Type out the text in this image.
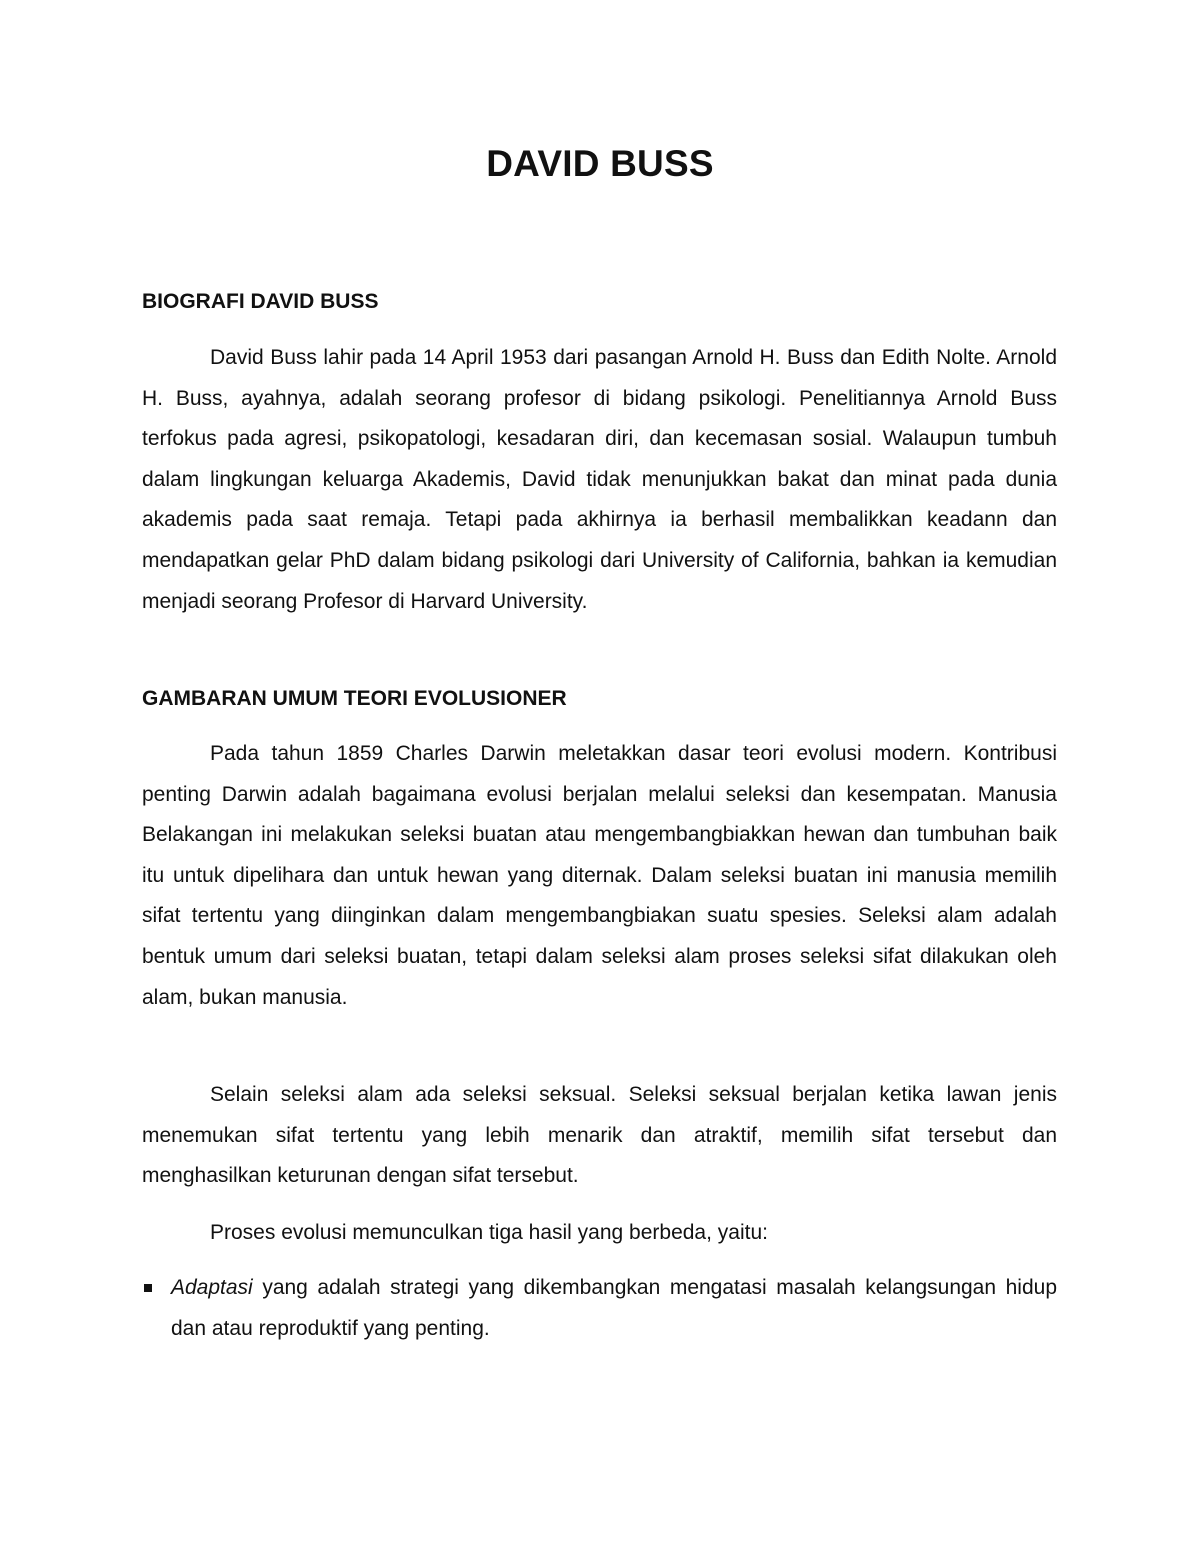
DAVID BUSS
BIOGRAFI DAVID BUSS

David Buss lahir pada 14 April 1953 dari pasangan Arnold H. Buss dan Edith Nolte. Arnold H. Buss, ayahnya, adalah seorang profesor di bidang psikologi. Penelitiannya Arnold Buss terfokus pada agresi, psikopatologi, kesadaran diri, dan kecemasan sosial. Walaupun tumbuh dalam lingkungan keluarga Akademis, David tidak menunjukkan bakat dan minat pada dunia akademis pada saat remaja. Tetapi pada akhirnya ia berhasil membalikkan keadann dan mendapatkan gelar PhD dalam bidang psikologi dari University of California, bahkan ia kemudian menjadi seorang Profesor di Harvard University.

GAMBARAN UMUM TEORI EVOLUSIONER

Pada tahun 1859 Charles Darwin meletakkan dasar teori evolusi modern. Kontribusi penting Darwin adalah bagaimana evolusi berjalan melalui seleksi dan kesempatan. Manusia Belakangan ini melakukan seleksi buatan atau mengembangbiakkan hewan dan tumbuhan baik itu untuk dipelihara dan untuk hewan yang diternak. Dalam seleksi buatan ini manusia memilih sifat tertentu yang diinginkan dalam mengembangbiakan suatu spesies. Seleksi alam adalah bentuk umum dari seleksi buatan, tetapi dalam seleksi alam proses seleksi sifat dilakukan oleh alam, bukan manusia.

Selain seleksi alam ada seleksi seksual. Seleksi seksual berjalan ketika lawan jenis menemukan sifat tertentu yang lebih menarik dan atraktif, memilih sifat tersebut dan menghasilkan keturunan dengan sifat tersebut.

Proses evolusi memunculkan tiga hasil yang berbeda, yaitu:

Adaptasi yang adalah strategi yang dikembangkan mengatasi masalah kelangsungan hidup dan atau reproduktif yang penting.
